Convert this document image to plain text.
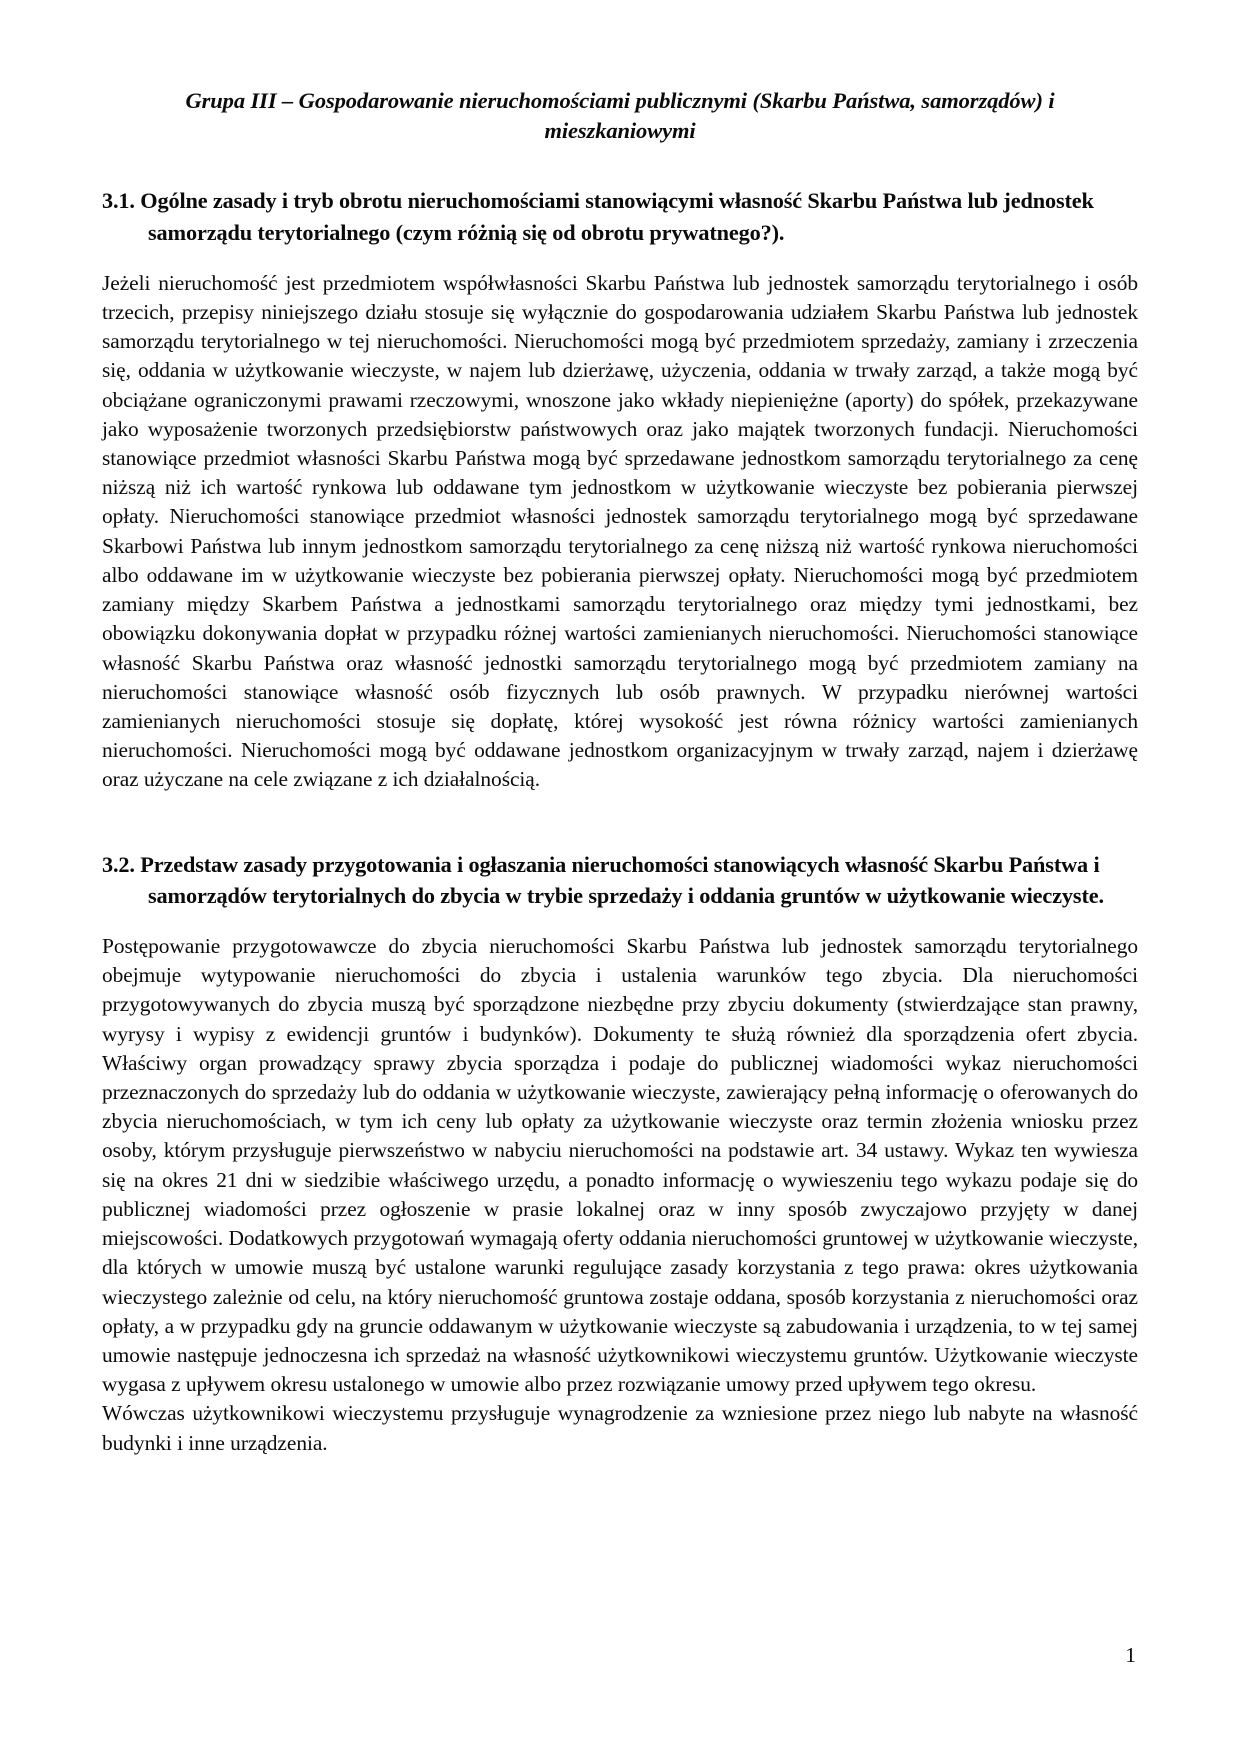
Grupa III – Gospodarowanie nieruchomościami publicznymi (Skarbu Państwa, samorządów) i mieszkaniowymi
3.1. Ogólne zasady i tryb obrotu nieruchomościami stanowiącymi własność Skarbu Państwa lub jednostek samorządu terytorialnego (czym różnią się od obrotu prywatnego?).

Jeżeli nieruchomość jest przedmiotem współwłasności Skarbu Państwa lub jednostek samorządu terytorialnego i osób trzecich, przepisy niniejszego działu stosuje się wyłącznie do gospodarowania udziałem Skarbu Państwa lub jednostek samorządu terytorialnego w tej nieruchomości. Nieruchomości mogą być przedmiotem sprzedaży, zamiany i zrzeczenia się, oddania w użytkowanie wieczyste, w najem lub dzierżawę, użyczenia, oddania w trwały zarząd, a także mogą być obciążane ograniczonymi prawami rzeczowymi, wnoszone jako wkłady niepieniężne (aporty) do spółek, przekazywane jako wyposażenie tworzonych przedsiębiorstw państwowych oraz jako majątek tworzonych fundacji. Nieruchomości stanowiące przedmiot własności Skarbu Państwa mogą być sprzedawane jednostkom samorządu terytorialnego za cenę niższą niż ich wartość rynkowa lub oddawane tym jednostkom w użytkowanie wieczyste bez pobierania pierwszej opłaty. Nieruchomości stanowiące przedmiot własności jednostek samorządu terytorialnego mogą być sprzedawane Skarbowi Państwa lub innym jednostkom samorządu terytorialnego za cenę niższą niż wartość rynkowa nieruchomości albo oddawane im w użytkowanie wieczyste bez pobierania pierwszej opłaty. Nieruchomości mogą być przedmiotem zamiany między Skarbem Państwa a jednostkami samorządu terytorialnego oraz między tymi jednostkami, bez obowiązku dokonywania dopłat w przypadku różnej wartości zamienianych nieruchomości. Nieruchomości stanowiące własność Skarbu Państwa oraz własność jednostki samorządu terytorialnego mogą być przedmiotem zamiany na nieruchomości stanowiące własność osób fizycznych lub osób prawnych. W przypadku nierównej wartości zamienianych nieruchomości stosuje się dopłatę, której wysokość jest równa różnicy wartości zamienianych nieruchomości. Nieruchomości mogą być oddawane jednostkom organizacyjnym w trwały zarząd, najem i dzierżawę oraz użyczane na cele związane z ich działalnością.

3.2. Przedstaw zasady przygotowania i ogłaszania nieruchomości stanowiących własność Skarbu Państwa i samorządów terytorialnych do zbycia w trybie sprzedaży i oddania gruntów w użytkowanie wieczyste.

Postępowanie przygotowawcze do zbycia nieruchomości Skarbu Państwa lub jednostek samorządu terytorialnego obejmuje wytypowanie nieruchomości do zbycia i ustalenia warunków tego zbycia. Dla nieruchomości przygotowywanych do zbycia muszą być sporządzone niezbędne przy zbyciu dokumenty (stwierdzające stan prawny, wyrysy i wypisy z ewidencji gruntów i budynków). Dokumenty te służą również dla sporządzenia ofert zbycia. Właściwy organ prowadzący sprawy zbycia sporządza i podaje do publicznej wiadomości wykaz nieruchomości przeznaczonych do sprzedaży lub do oddania w użytkowanie wieczyste, zawierający pełną informację o oferowanych do zbycia nieruchomościach, w tym ich ceny lub opłaty za użytkowanie wieczyste oraz termin złożenia wniosku przez osoby, którym przysługuje pierwszeństwo w nabyciu nieruchomości na podstawie art. 34 ustawy. Wykaz ten wywiesza się na okres 21 dni w siedzibie właściwego urzędu, a ponadto informację o wywieszeniu tego wykazu podaje się do publicznej wiadomości przez ogłoszenie w prasie lokalnej oraz w inny sposób zwyczajowo przyjęty w danej miejscowości. Dodatkowych przygotowań wymagają oferty oddania nieruchomości gruntowej w użytkowanie wieczyste, dla których w umowie muszą być ustalone warunki regulujące zasady korzystania z tego prawa: okres użytkowania wieczystego zależnie od celu, na który nieruchomość gruntowa zostaje oddana, sposób korzystania z nieruchomości oraz opłaty, a w przypadku gdy na gruncie oddawanym w użytkowanie wieczyste są zabudowania i urządzenia, to w tej samej umowie następuje jednoczesna ich sprzedaż na własność użytkownikowi wieczystemu gruntów. Użytkowanie wieczyste wygasa z upływem okresu ustalonego w umowie albo przez rozwiązanie umowy przed upływem tego okresu.

Wówczas użytkownikowi wieczystemu przysługuje wynagrodzenie za wzniesione przez niego lub nabyte na własność budynki i inne urządzenia.

1
